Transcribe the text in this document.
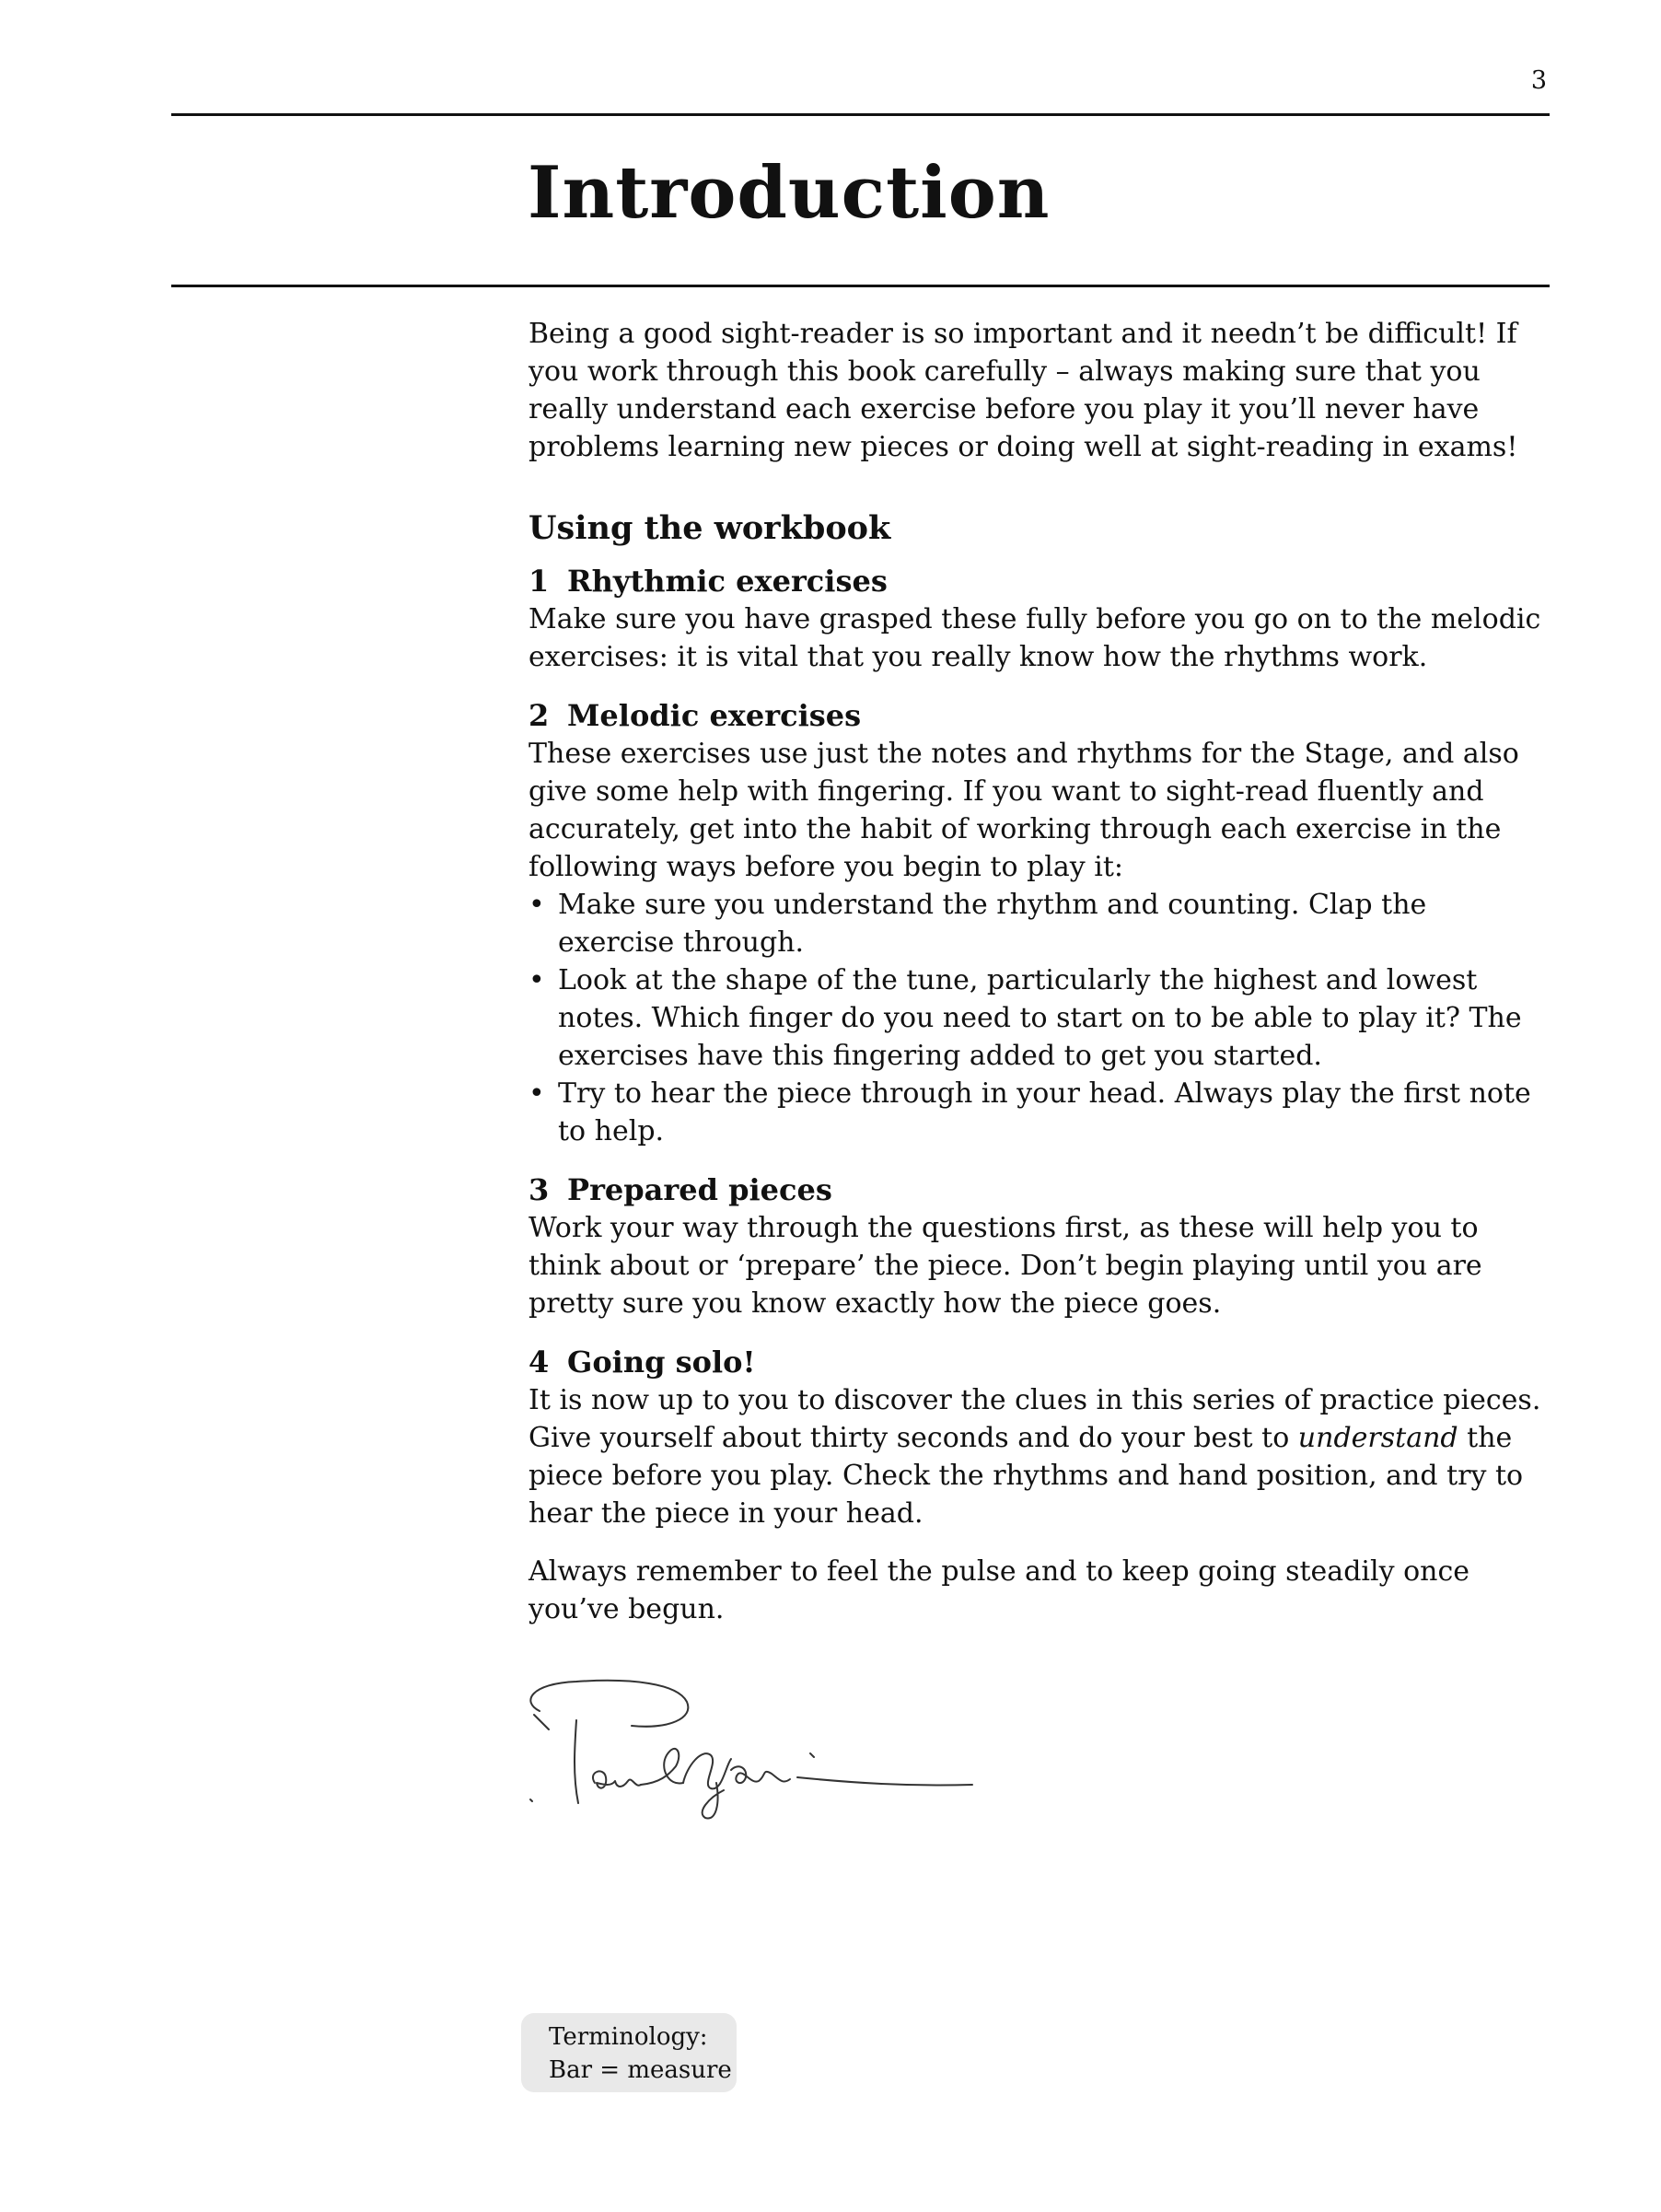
3
Introduction

Being a good sight-reader is so important and it needn’t be difficult! If you work through this book carefully – always making sure that you really understand each exercise before you play it you’ll never have problems learning new pieces or doing well at sight-reading in exams!

Using the workbook
1 Rhythmic exercises

Make sure you have grasped these fully before you go on to the melodic exercises: it is vital that you really know how the rhythms work.

2 Melodic exercises

These exercises use just the notes and rhythms for the Stage, and also give some help with fingering. If you want to sight-read fluently and accurately, get into the habit of working through each exercise in the following ways before you begin to play it:

• Make sure you understand the rhythm and counting. Clap the exercise through.
• Look at the shape of the tune, particularly the highest and lowest notes. Which finger do you need to start on to be able to play it? The exercises have this fingering added to get you started.
• Try to hear the piece through in your head. Always play the first note to help.
3 Prepared pieces

Work your way through the questions first, as these will help you to think about or ‘prepare’ the piece. Don’t begin playing until you are pretty sure you know exactly how the piece goes.

4 Going solo!

It is now up to you to discover the clues in this series of practice pieces. Give yourself about thirty seconds and do your best to understand the piece before you play. Check the rhythms and hand position, and try to hear the piece in your head.

Always remember to feel the pulse and to keep going steadily once you’ve begun.

Terminology:
Bar = measure
